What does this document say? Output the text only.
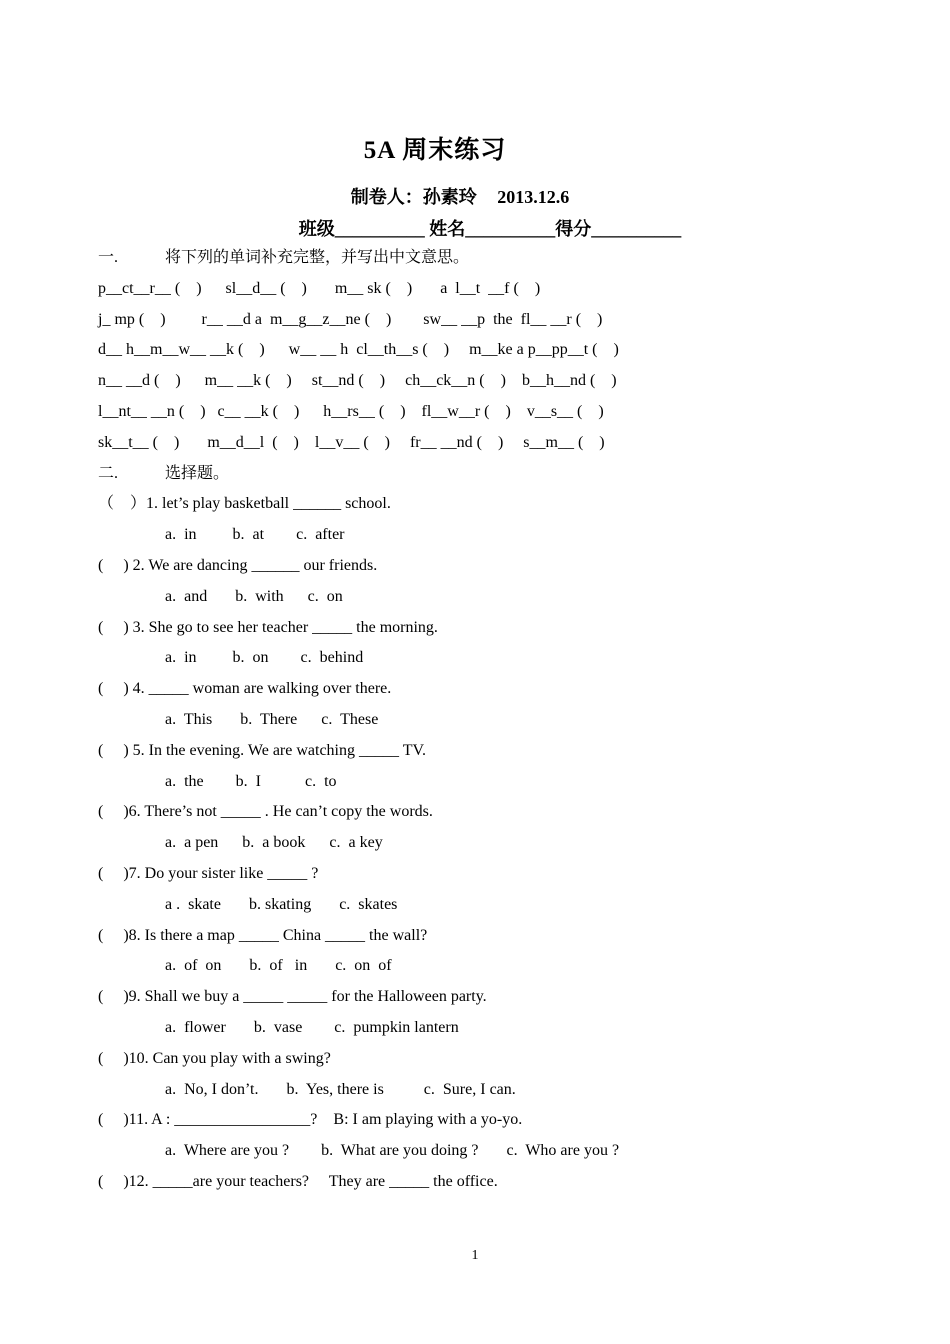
5A 周末练习
制卷人：孙素玲 2013.12.6
班级__________ 姓名__________得分__________
一.	将下列的单词补充完整，并写出中文意思。
p__ct__r__ (    )      sl__d__ (    )       m__ sk (    )       a  l__t  __f (    )
j_ mp (    )         r__ __d a  m__g__z__ne (    )        sw__ __p  the  fl__ __r (    )
d__ h__m__w__ __k (    )      w__ __ h  cl__th__s (    )     m__ke a p__pp__t (    )
n__ __d (    )      m__ __k (    )     st__nd (    )     ch__ck__n (    )    b__h__nd (    )
l__nt__ __n (    )   c__ __k (    )      h__rs__ (    )    fl__w__r (    )    v__s__ (    )
sk__t__ (    )       m__d__l  (    )    l__v__ (    )     fr__ __nd (    )     s__m__ (    )
二.	选择题。
（    ）1. let’s play basketball ______ school.
a.  in         b.  at        c.  after
(     ) 2. We are dancing ______ our friends.
a.  and       b.  with      c.  on
(     ) 3. She go to see her teacher _____ the morning.
a.  in         b.  on        c.  behind
(     ) 4. _____ woman are walking over there.
a.  This       b.  There      c.  These
(     ) 5. In the evening. We are watching _____ TV.
a.  the        b.  I           c.  to
(     )6. There’s not _____ . He can’t copy the words.
a.  a pen      b.  a book      c.  a key
(     )7. Do your sister like _____ ?
a .  skate       b. skating       c.  skates
(     )8. Is there a map _____ China _____ the wall?
a.  of  on       b.  of   in       c.  on  of
(     )9. Shall we buy a _____ _____ for the Halloween party.
a.  flower       b.  vase        c.  pumpkin lantern
(     )10. Can you play with a swing?
a.  No, I don’t.       b.  Yes, there is          c.  Sure, I can.
(     )11. A : _________________?    B: I am playing with a yo-yo.
a.  Where are you ?        b.  What are you doing ?       c.  Who are you ?
(     )12. _____are your teachers?     They are _____ the office.
1
